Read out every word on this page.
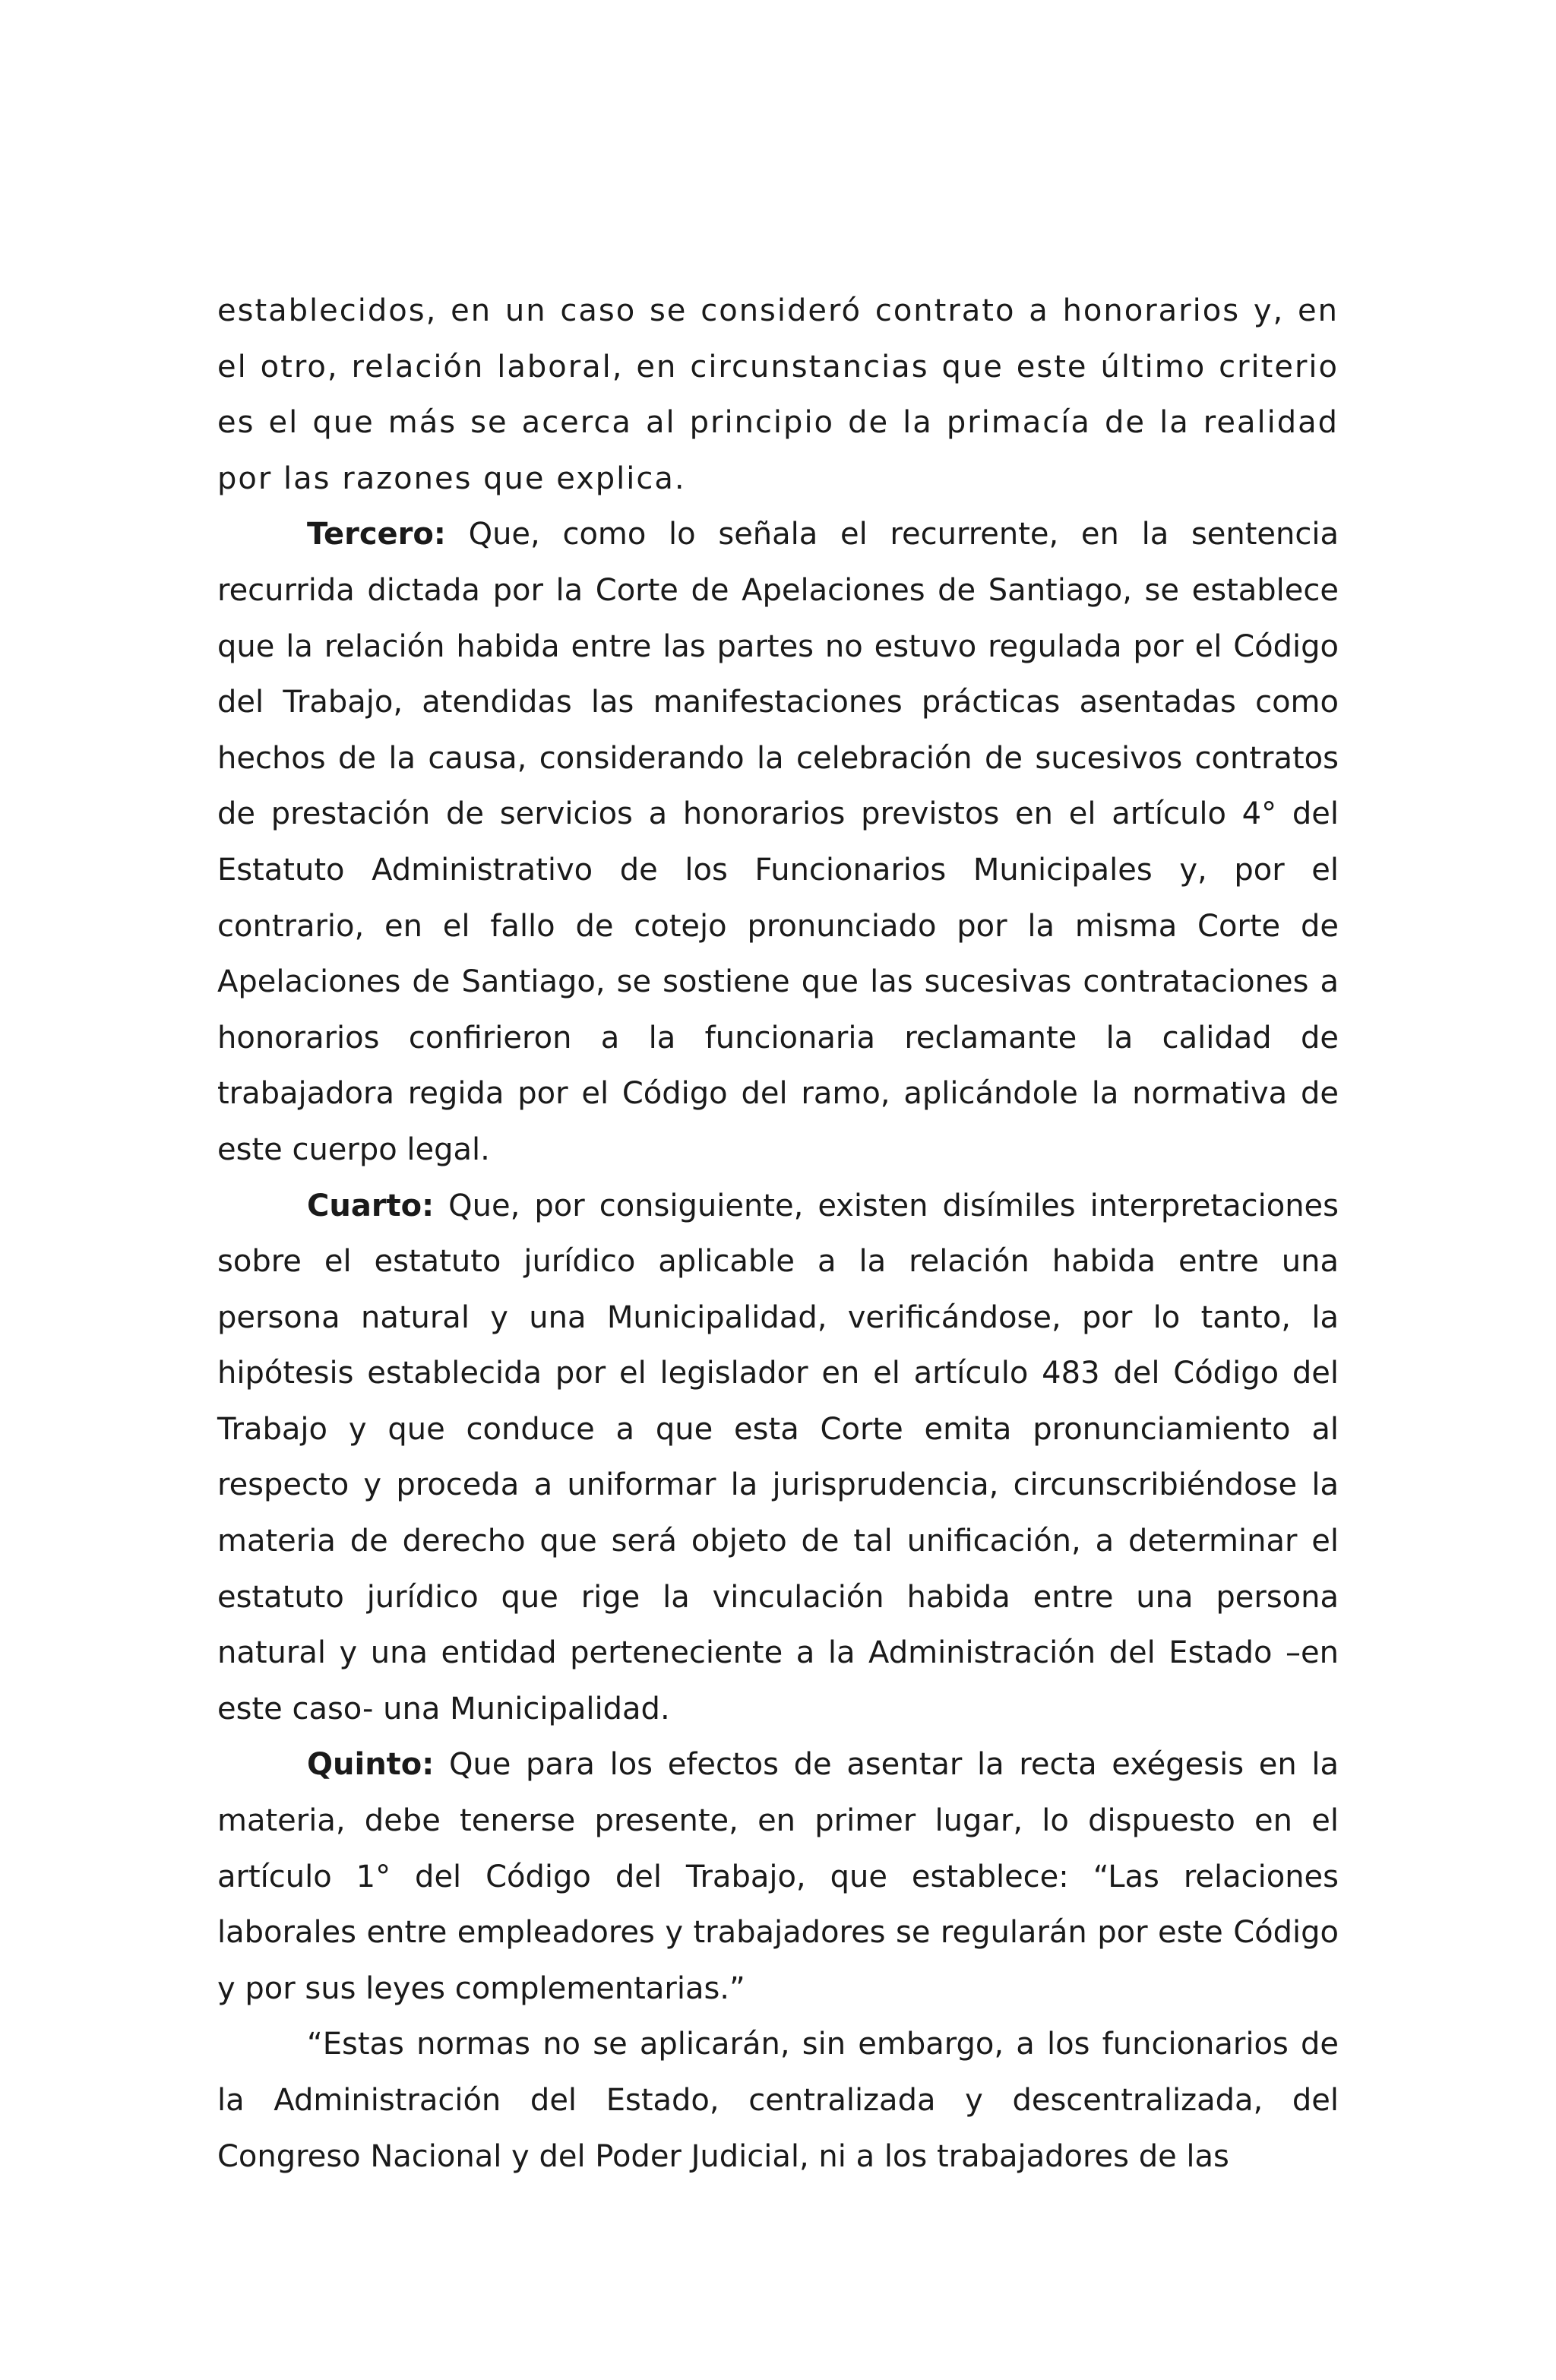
establecidos, en un caso se consideró contrato a honorarios y, en el otro, relación laboral, en circunstancias que este último criterio es el que más se acerca al principio de la primacía de la realidad por las razones que explica.

Tercero: Que, como lo señala el recurrente, en la sentencia recurrida dictada por la Corte de Apelaciones de Santiago, se establece que la relación habida entre las partes no estuvo regulada por el Código del Trabajo, atendidas las manifestaciones prácticas asentadas como hechos de la causa, considerando la celebración de sucesivos contratos de prestación de servicios a honorarios previstos en el artículo 4° del Estatuto Administrativo de los Funcionarios Municipales y, por el contrario, en el fallo de cotejo pronunciado por la misma Corte de Apelaciones de Santiago, se sostiene que las sucesivas contrataciones a honorarios confirieron a la funcionaria reclamante la calidad de trabajadora regida por el Código del ramo, aplicándole la normativa de este cuerpo legal.

Cuarto: Que, por consiguiente, existen disímiles interpretaciones sobre el estatuto jurídico aplicable a la relación habida entre una persona natural y una Municipalidad, verificándose, por lo tanto, la hipótesis establecida por el legislador en el artículo 483 del Código del Trabajo y que conduce a que esta Corte emita pronunciamiento al respecto y proceda a uniformar la jurisprudencia, circunscribiéndose la materia de derecho que será objeto de tal unificación, a determinar el estatuto jurídico que rige la vinculación habida entre una persona natural y una entidad perteneciente a la Administración del Estado –en este caso- una Municipalidad.

Quinto: Que para los efectos de asentar la recta exégesis en la materia, debe tenerse presente, en primer lugar, lo dispuesto en el artículo 1° del Código del Trabajo, que establece: “Las relaciones laborales entre empleadores y trabajadores se regularán por este Código y por sus leyes complementarias.”

“Estas normas no se aplicarán, sin embargo, a los funcionarios de la Administración del Estado, centralizada y descentralizada, del Congreso Nacional y del Poder Judicial, ni a los trabajadores de las
